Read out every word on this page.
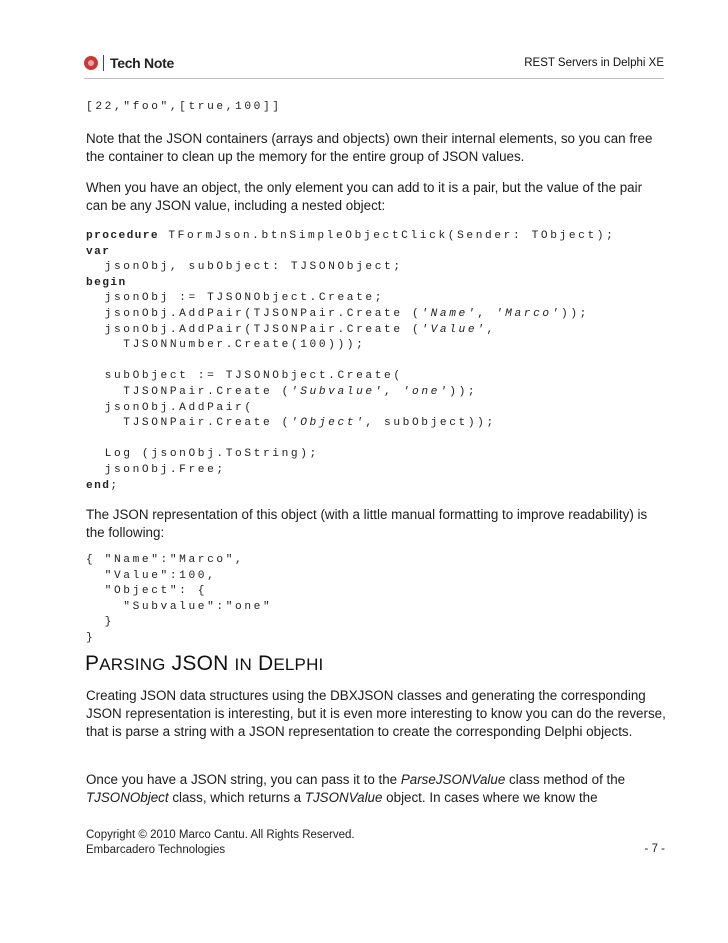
Tech Note	REST Servers in Delphi XE
[22,"foo",[true,100]]
Note that the JSON containers (arrays and objects) own their internal elements, so you can free the container to clean up the memory for the entire group of JSON values.
When you have an object, the only element you can add to it is a pair, but the value of the pair can be any JSON value, including a nested object:
procedure TFormJson.btnSimpleObjectClick(Sender: TObject);
var
jsonObj, subObject: TJSONObject;
begin
jsonObj := TJSONObject.Create;
jsonObj.AddPair(TJSONPair.Create ('Name', 'Marco'));
jsonObj.AddPair(TJSONPair.Create ('Value',
TJSONNumber.Create(100)));

subObject := TJSONObject.Create(
TJSONPair.Create ('Subvalue', 'one'));
jsonObj.AddPair(
TJSONPair.Create ('Object', subObject));

Log (jsonObj.ToString);
jsonObj.Free;
end;
The JSON representation of this object (with a little manual formatting to improve readability) is the following:
{ "Name":"Marco",
"Value":100,
"Object": {
"Subvalue":"one"
}
}
PARSING JSON IN DELPHI
Creating JSON data structures using the DBXJSON classes and generating the corresponding JSON representation is interesting, but it is even more interesting to know you can do the reverse, that is parse a string with a JSON representation to create the corresponding Delphi objects.
Once you have a JSON string, you can pass it to the ParseJSONValue class method of the TJSONObject class, which returns a TJSONValue object. In cases where we know the
Copyright © 2010 Marco Cantu. All Rights Reserved.
Embarcadero Technologies	- 7 -
